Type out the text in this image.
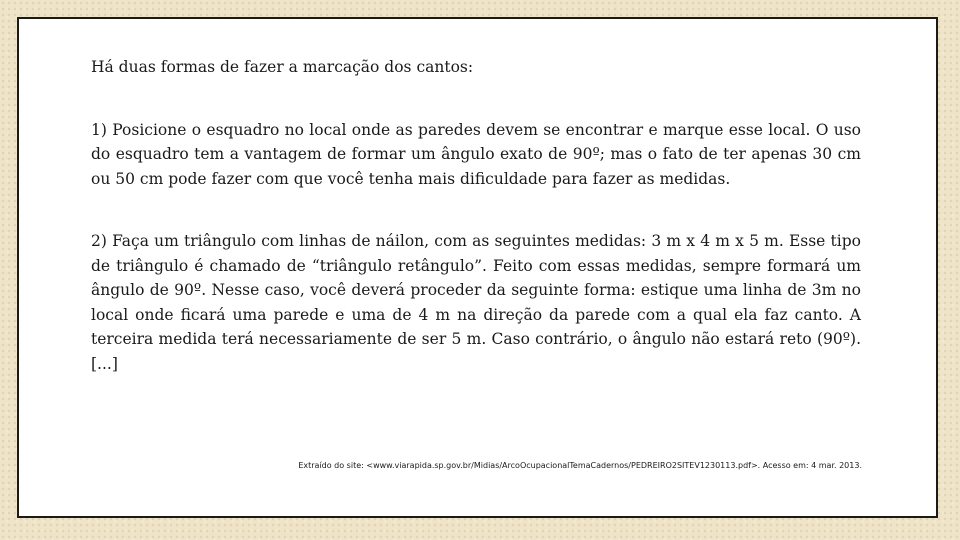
Há duas formas de fazer a marcação dos cantos:

1) Posicione o esquadro no local onde as paredes devem se encontrar e marque esse local. O uso do esquadro tem a vantagem de formar um ângulo exato de 90º; mas o fato de ter apenas 30 cm ou 50 cm pode fazer com que você tenha mais dificuldade para fazer as medidas.

2) Faça um triângulo com linhas de náilon, com as seguintes medidas: 3 m x 4 m x 5 m. Esse tipo de triângulo é chamado de “triângulo retângulo”. Feito com essas medidas, sempre formará um ângulo de 90º. Nesse caso, você deverá proceder da seguinte forma: estique uma linha de 3m no local onde ficará uma parede e uma de 4 m na direção da parede com a qual ela faz canto. A terceira medida terá necessariamente de ser 5 m. Caso contrário, o ângulo não estará reto (90º). [...]

Extraído do site: <www.viarapida.sp.gov.br/Midias/ArcoOcupacionalTemaCadernos/PEDREIRO2SITEV1230113.pdf>. Acesso em: 4 mar. 2013.
